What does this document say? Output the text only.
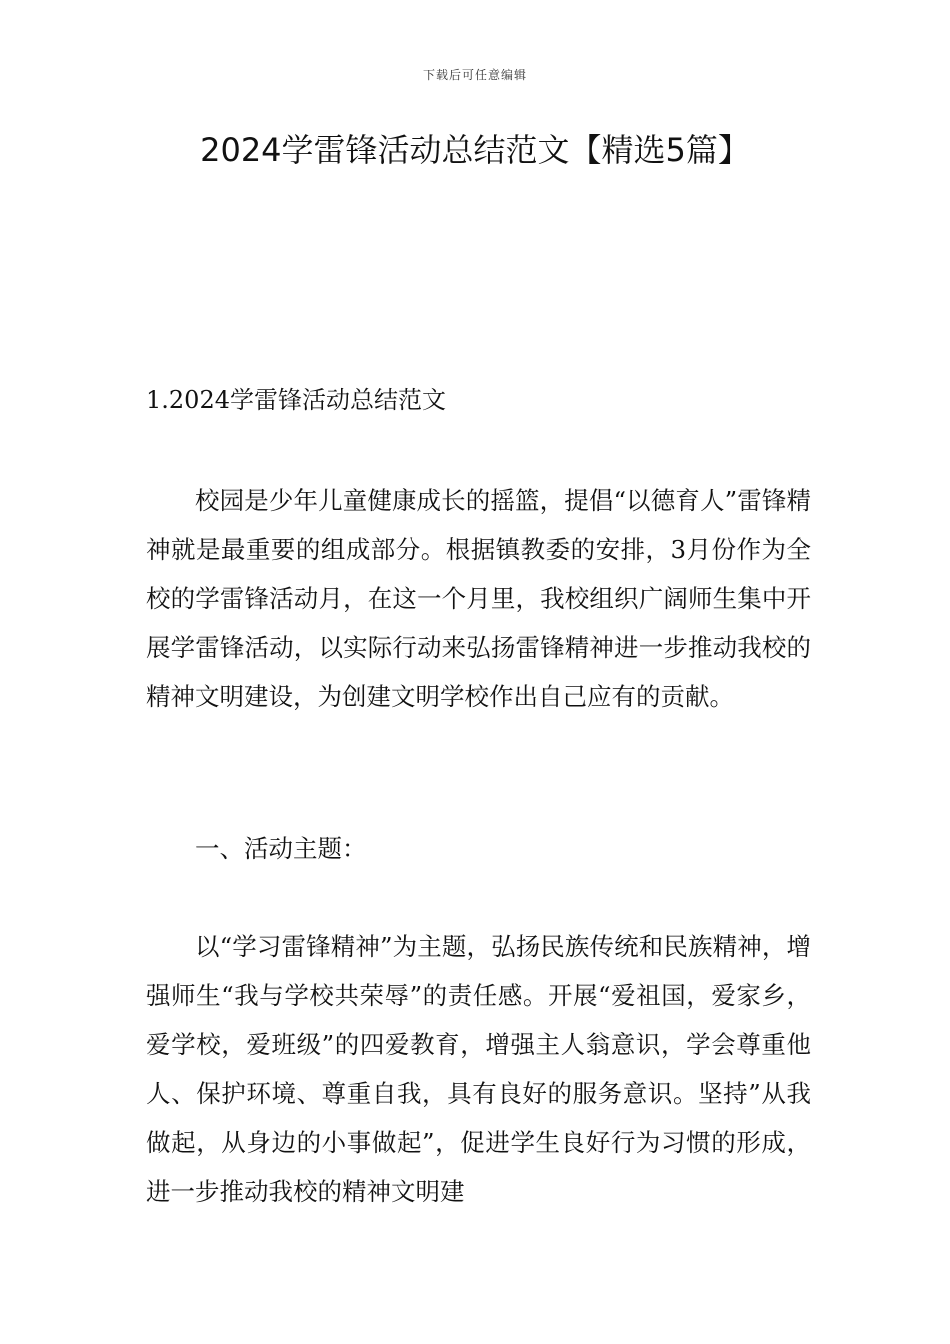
下载后可任意编辑
2024学雷锋活动总结范文【精选5篇】

1.2024学雷锋活动总结范文

校园是少年儿童健康成长的摇篮，提倡“以德育人”雷锋精神就是最重要的组成部分。根据镇教委的安排，3月份作为全校的学雷锋活动月，在这一个月里，我校组织广阔师生集中开展学雷锋活动，以实际行动来弘扬雷锋精神进一步推动我校的精神文明建设，为创建文明学校作出自己应有的贡献。

一、活动主题：

以“学习雷锋精神”为主题，弘扬民族传统和民族精神，增强师生“我与学校共荣辱”的责任感。开展“爱祖国，爱家乡，爱学校，爱班级”的四爱教育，增强主人翁意识，学会尊重他人、保护环境、尊重自我，具有良好的服务意识。坚持”从我做起，从身边的小事做起”，促进学生良好行为习惯的形成，进一步推动我校的精神文明建
